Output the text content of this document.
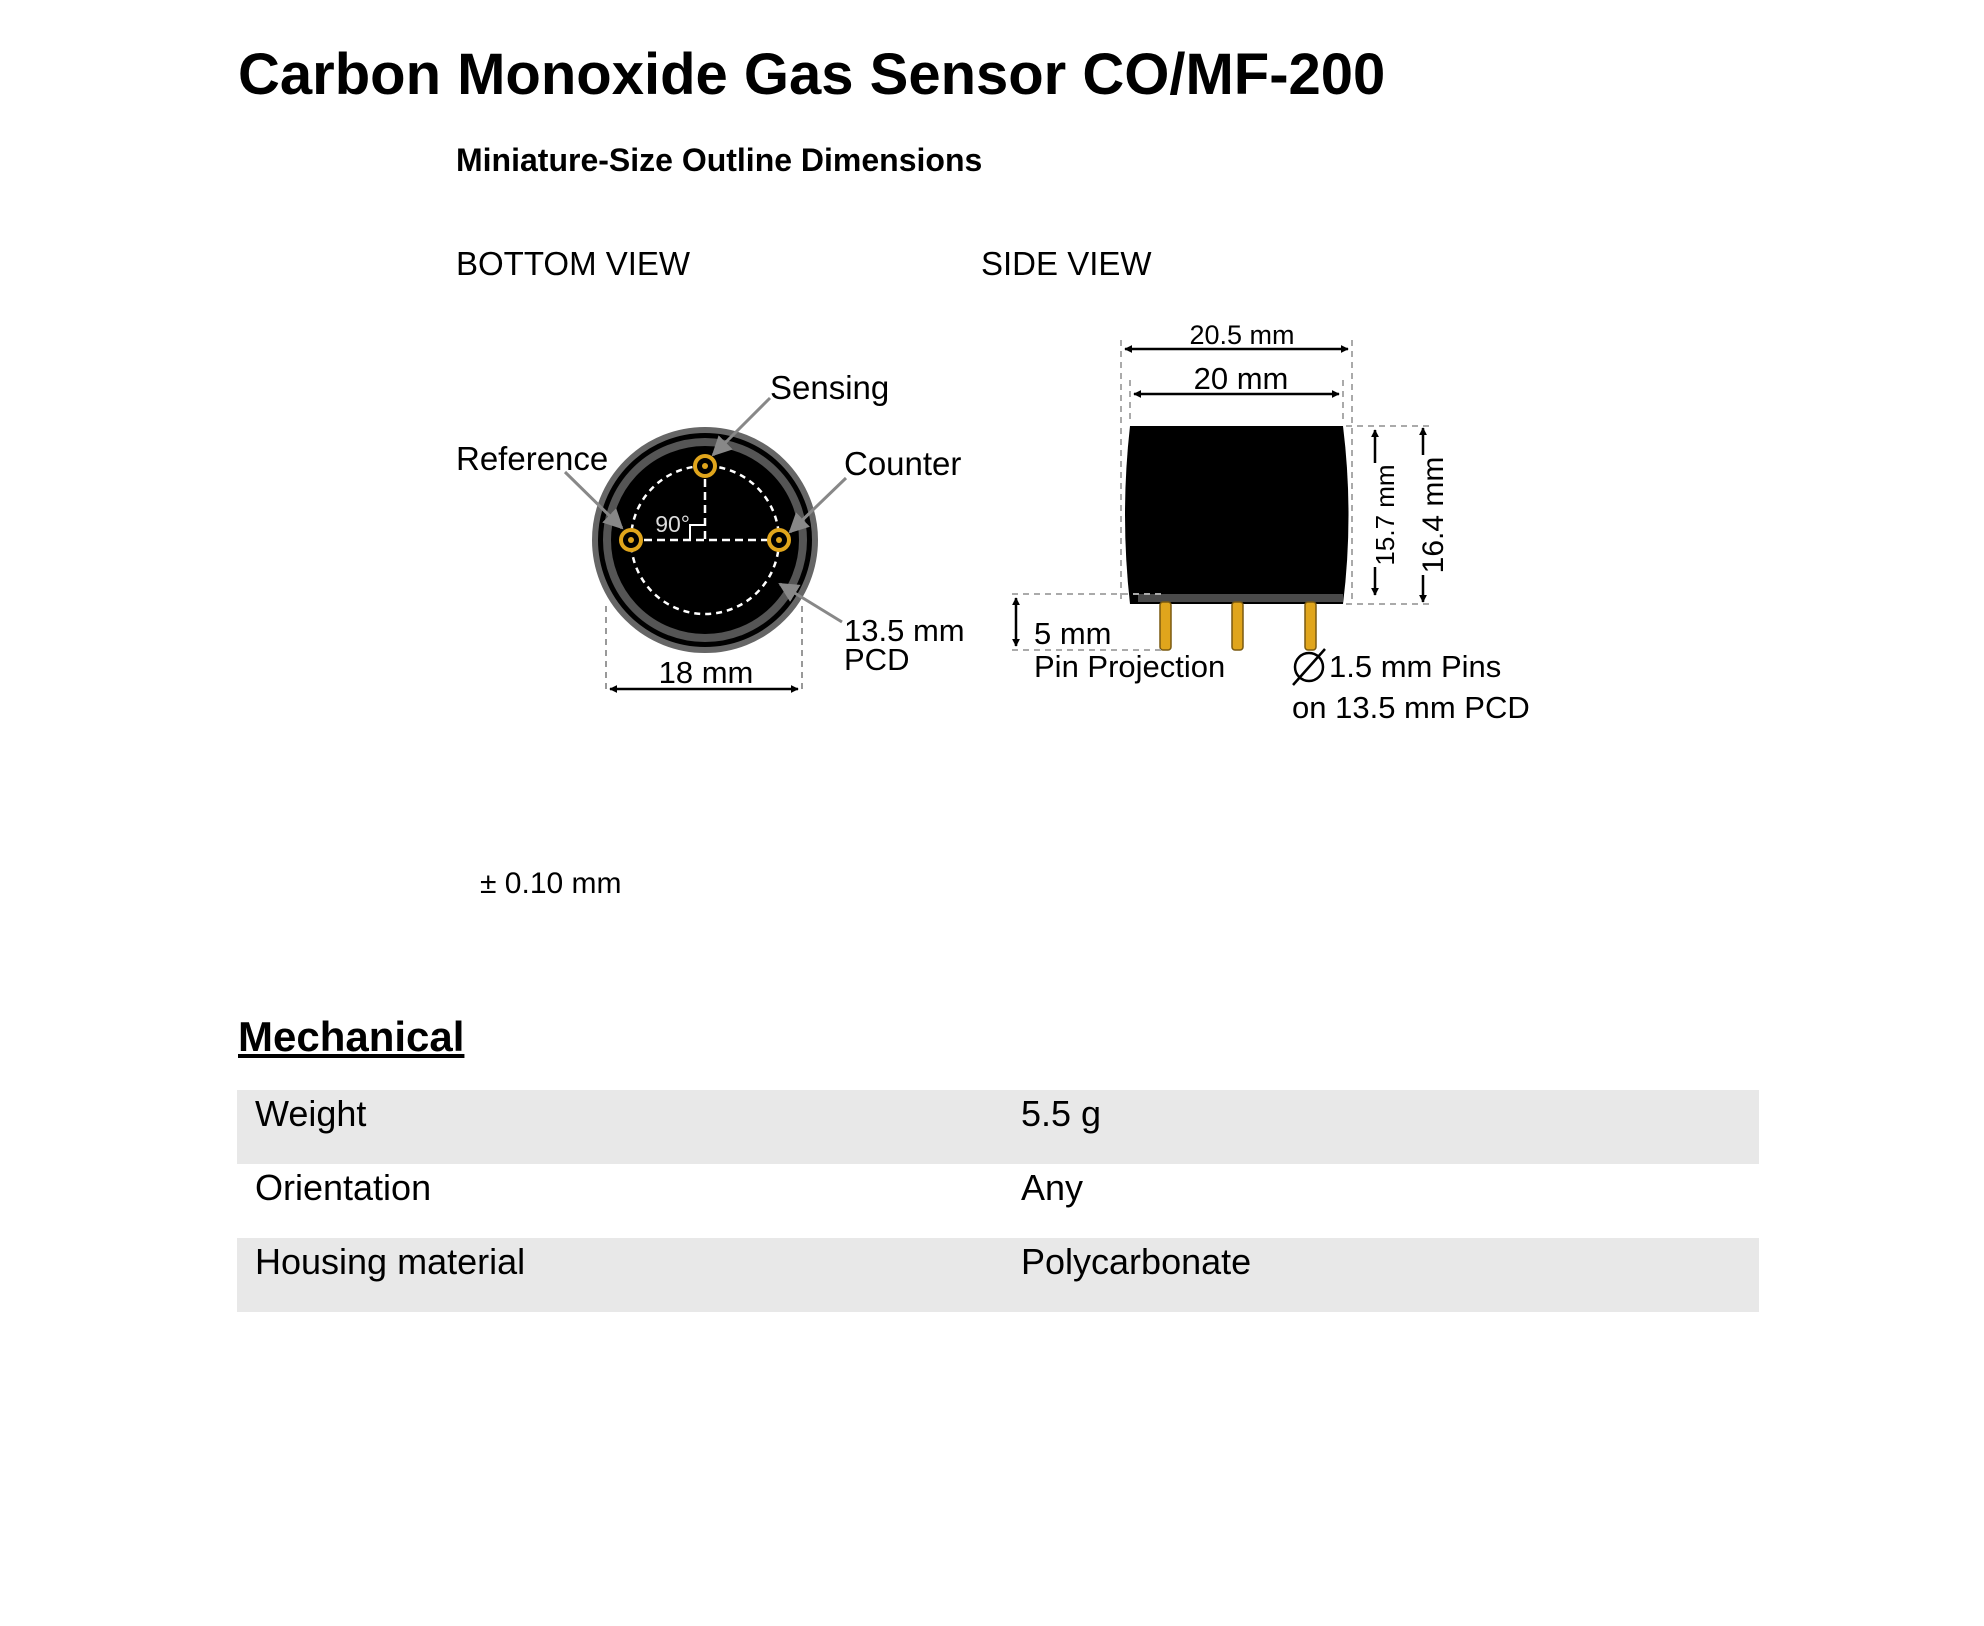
Carbon Monoxide Gas Sensor CO/MF-200
Miniature-Size Outline Dimensions
BOTTOM VIEW	SIDE VIEW
90°
Sensing
Reference	Counter
13.5 mm
PCD
18 mm
20.5 mm
20 mm
15.7 mm 16.4 mm
5 mm
Pin Projection	1.5 mm Pins
on 13.5 mm PCD
± 0.10 mm
Mechanical
Weight	5.5 g
Orientation	Any
Housing material	Polycarbonate
